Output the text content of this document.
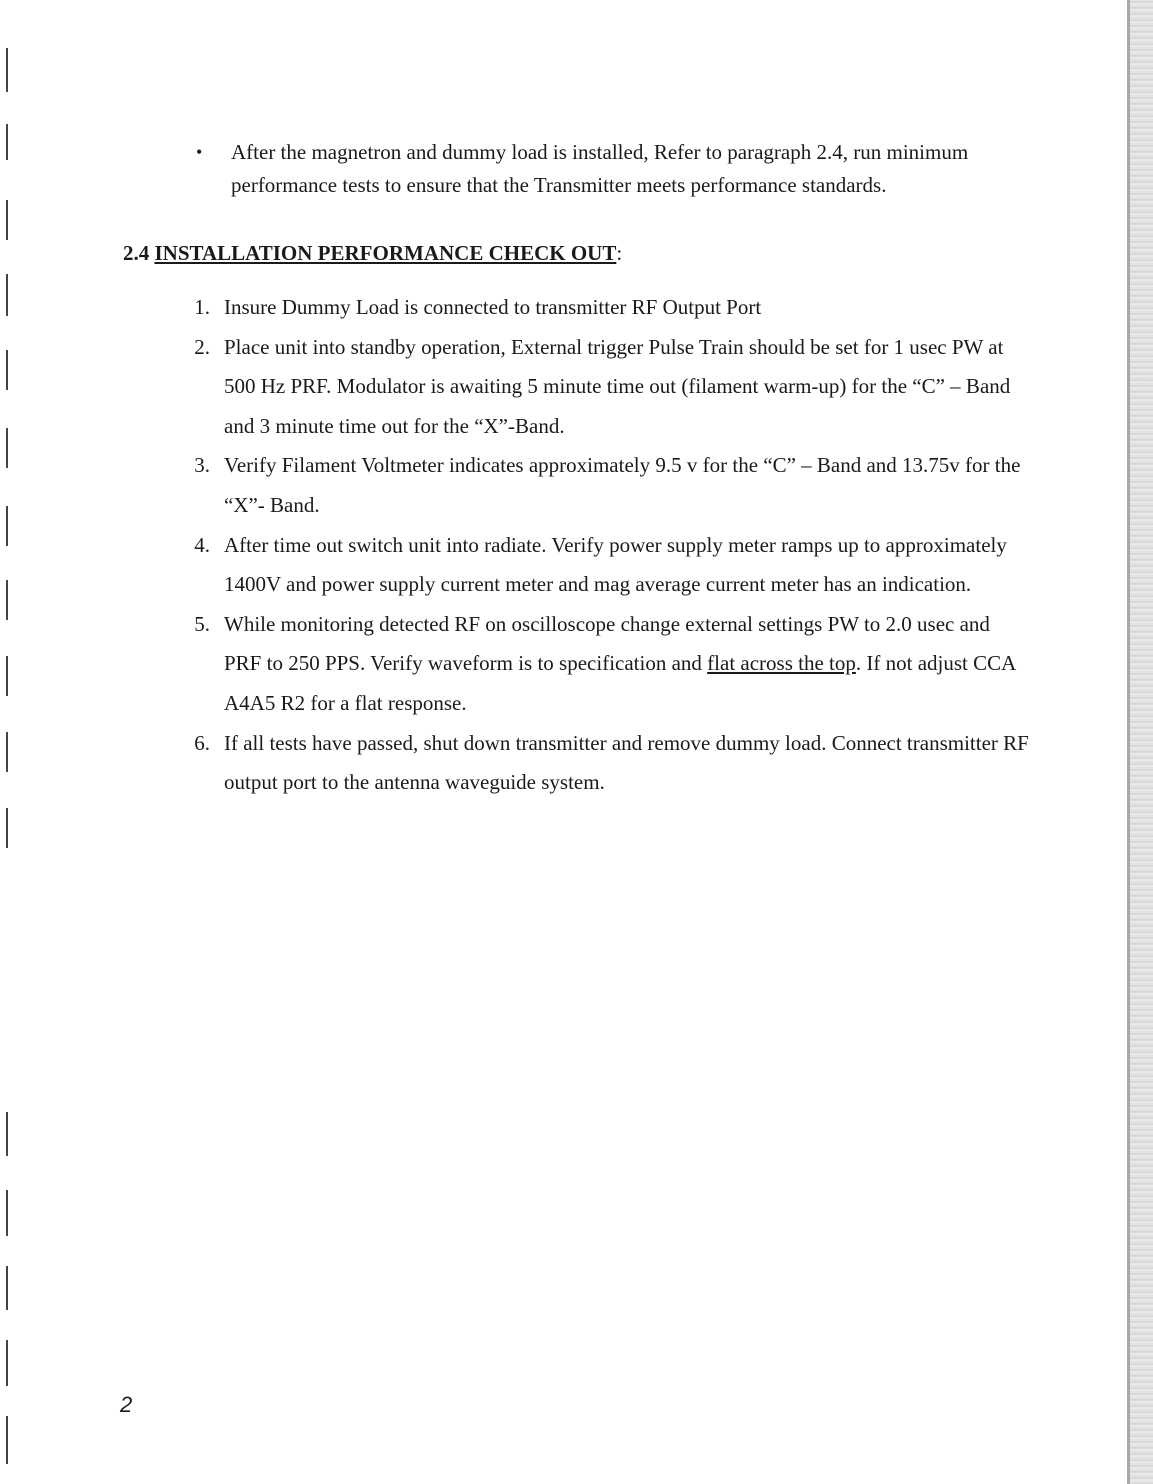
• After the magnetron and dummy load is installed, Refer to paragraph 2.4, run minimum performance tests to ensure that the Transmitter meets performance standards.
2.4 INSTALLATION PERFORMANCE CHECK OUT:
1. Insure Dummy Load is connected to transmitter RF Output Port
2. Place unit into standby operation, External trigger Pulse Train should be set for 1 usec PW at 500 Hz PRF. Modulator is awaiting 5 minute time out (filament warm-up) for the “C” – Band and 3 minute time out for the “X”-Band.
3. Verify Filament Voltmeter indicates approximately 9.5 v for the “C” – Band and 13.75v for the “X”- Band.
4. After time out switch unit into radiate. Verify power supply meter ramps up to approximately 1400V and power supply current meter and mag average current meter has an indication.
5. While monitoring detected RF on oscilloscope change external settings PW to 2.0 usec and PRF to 250 PPS. Verify waveform is to specification and flat across the top. If not adjust CCA A4A5 R2 for a flat response.
6. If all tests have passed, shut down transmitter and remove dummy load. Connect transmitter RF output port to the antenna waveguide system.
2
